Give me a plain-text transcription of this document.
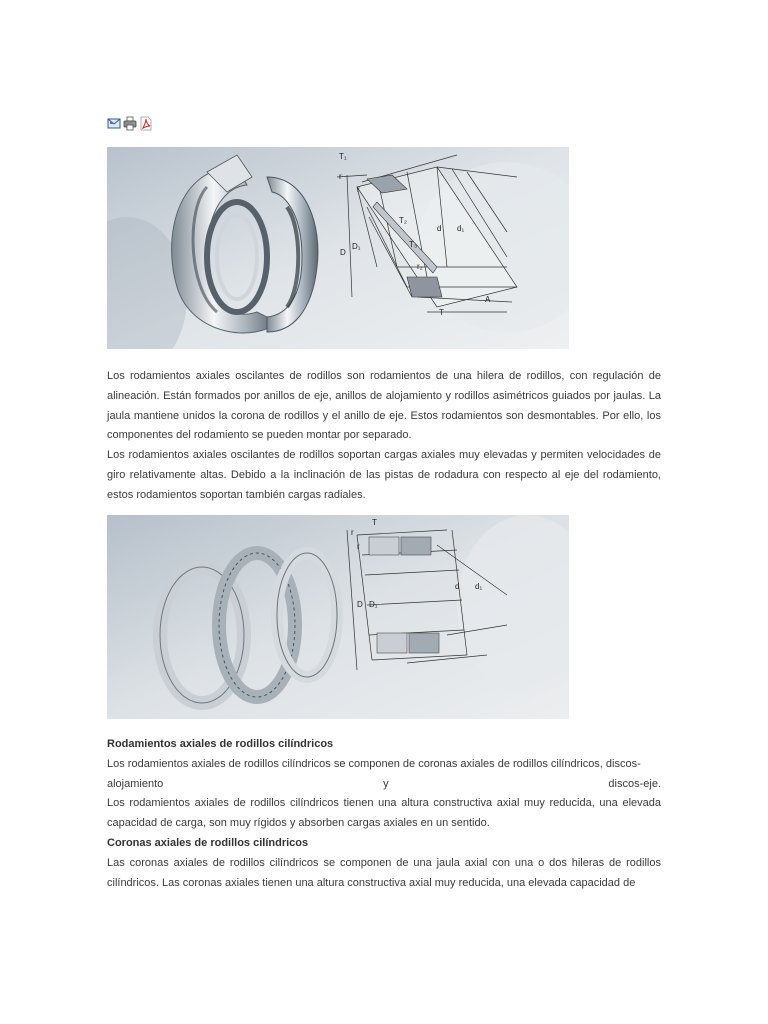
T₁
r
r
D
D₁
T₂
T₃
r₂
d d₁
T
A

Los rodamientos axiales oscilantes de rodillos son rodamientos de una hilera de rodillos, con regulación de alineación. Están formados por anillos de eje, anillos de alojamiento y rodillos asimétricos guiados por jaulas. La jaula mantiene unidos la corona de rodillos y el anillo de eje. Estos rodamientos son desmontables. Por ello, los componentes del rodamiento se pueden montar por separado.

Los rodamientos axiales oscilantes de rodillos soportan cargas axiales muy elevadas y permiten velocidades de giro relativamente altas. Debido a la inclinación de las pistas de rodadura con respecto al eje del rodamiento, estos rodamientos soportan también cargas radiales.

T
r
r
D D₁
d d₁

Rodamientos axiales de rodillos cilíndricos

Los rodamientos axiales de rodillos cilíndricos se componen de coronas axiales de rodillos cilíndricos, discos-

alojamiento	y	discos-eje.

Los rodamientos axiales de rodillos cilíndricos tienen una altura constructiva axial muy reducida, una elevada capacidad de carga, son muy rígidos y absorben cargas axiales en un sentido.

Coronas axiales de rodillos cilíndricos

Las coronas axiales de rodillos cilíndricos se componen de una jaula axial con una o dos hileras de rodillos cilíndricos. Las coronas axiales tienen una altura constructiva axial muy reducida, una elevada capacidad de
